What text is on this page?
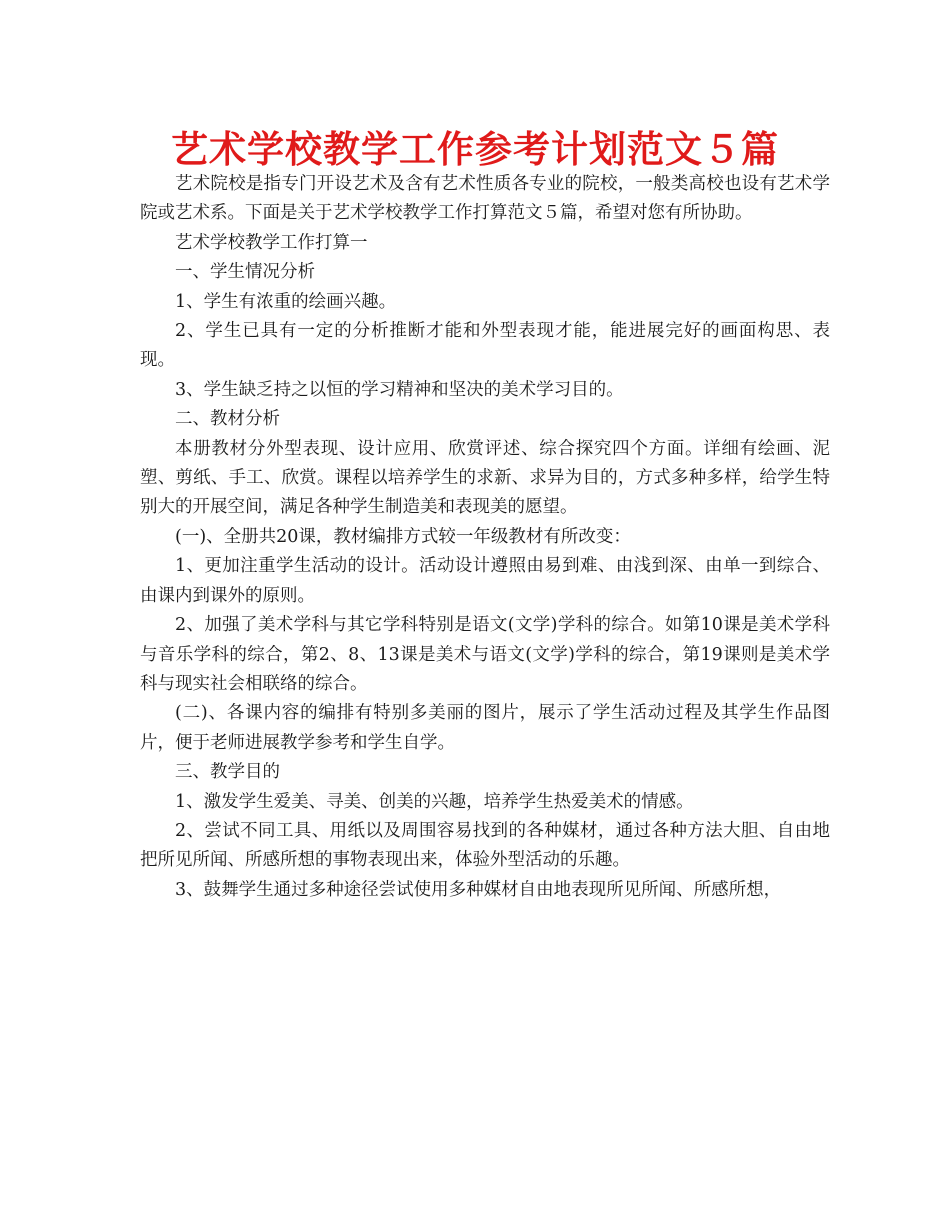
艺术学校教学工作参考计划范文５篇

艺术院校是指专门开设艺术及含有艺术性质各专业的院校，一般类高校也设有艺术学院或艺术系。下面是关于艺术学校教学工作打算范文５篇，希望对您有所协助。

艺术学校教学工作打算一

一、学生情况分析

1、学生有浓重的绘画兴趣。

2、学生已具有一定的分析推断才能和外型表现才能，能进展完好的画面构思、表现。

3、学生缺乏持之以恒的学习精神和坚决的美术学习目的。

二、教材分析

本册教材分外型表现、设计应用、欣赏评述、综合探究四个方面。详细有绘画、泥塑、剪纸、手工、欣赏。课程以培养学生的求新、求异为目的，方式多种多样，给学生特别大的开展空间，满足各种学生制造美和表现美的愿望。

(一)、全册共20课，教材编排方式较一年级教材有所改变：

1、更加注重学生活动的设计。活动设计遵照由易到难、由浅到深、由单一到综合、由课内到课外的原则。

2、加强了美术学科与其它学科特别是语文(文学)学科的综合。如第10课是美术学科与音乐学科的综合，第2、8、13课是美术与语文(文学)学科的综合，第19课则是美术学科与现实社会相联络的综合。

(二)、各课内容的编排有特别多美丽的图片，展示了学生活动过程及其学生作品图片，便于老师进展教学参考和学生自学。

三、教学目的

1、激发学生爱美、寻美、创美的兴趣，培养学生热爱美术的情感。

2、尝试不同工具、用纸以及周围容易找到的各种媒材，通过各种方法大胆、自由地把所见所闻、所感所想的事物表现出来，体验外型活动的乐趣。

3、鼓舞学生通过多种途径尝试使用多种媒材自由地表现所见所闻、所感所想，
